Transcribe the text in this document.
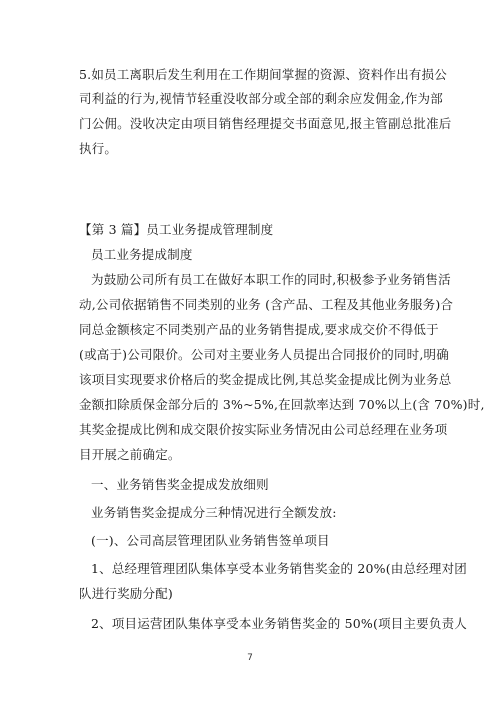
5.如员工离职后发生利用在工作期间掌握的资源、资料作出有损公
司利益的行为,视情节轻重没收部分或全部的剩余应发佣金,作为部
门公佣。没收决定由项目销售经理提交书面意见,报主管副总批准后
执行。
【第 3 篇】员工业务提成管理制度
员工业务提成制度
为鼓励公司所有员工在做好本职工作的同时,积极参予业务销售活
动,公司依据销售不同类别的业务 (含产品、工程及其他业务服务)合
同总金额核定不同类别产品的业务销售提成,要求成交价不得低于
(或高于)公司限价。公司对主要业务人员提出合同报价的同时,明确
该项目实现要求价格后的奖金提成比例,其总奖金提成比例为业务总
金额扣除质保金部分后的 3%~5%,在回款率达到 70%以上(含 70%)时,
其奖金提成比例和成交限价按实际业务情况由公司总经理在业务项
目开展之前确定。
一、业务销售奖金提成发放细则
业务销售奖金提成分三种情况进行全额发放:
(一)、公司高层管理团队业务销售签单项目
1、总经理管理团队集体享受本业务销售奖金的 20%(由总经理对团
队进行奖励分配)
2、项目运营团队集体享受本业务销售奖金的 50%(项目主要负责人
7
